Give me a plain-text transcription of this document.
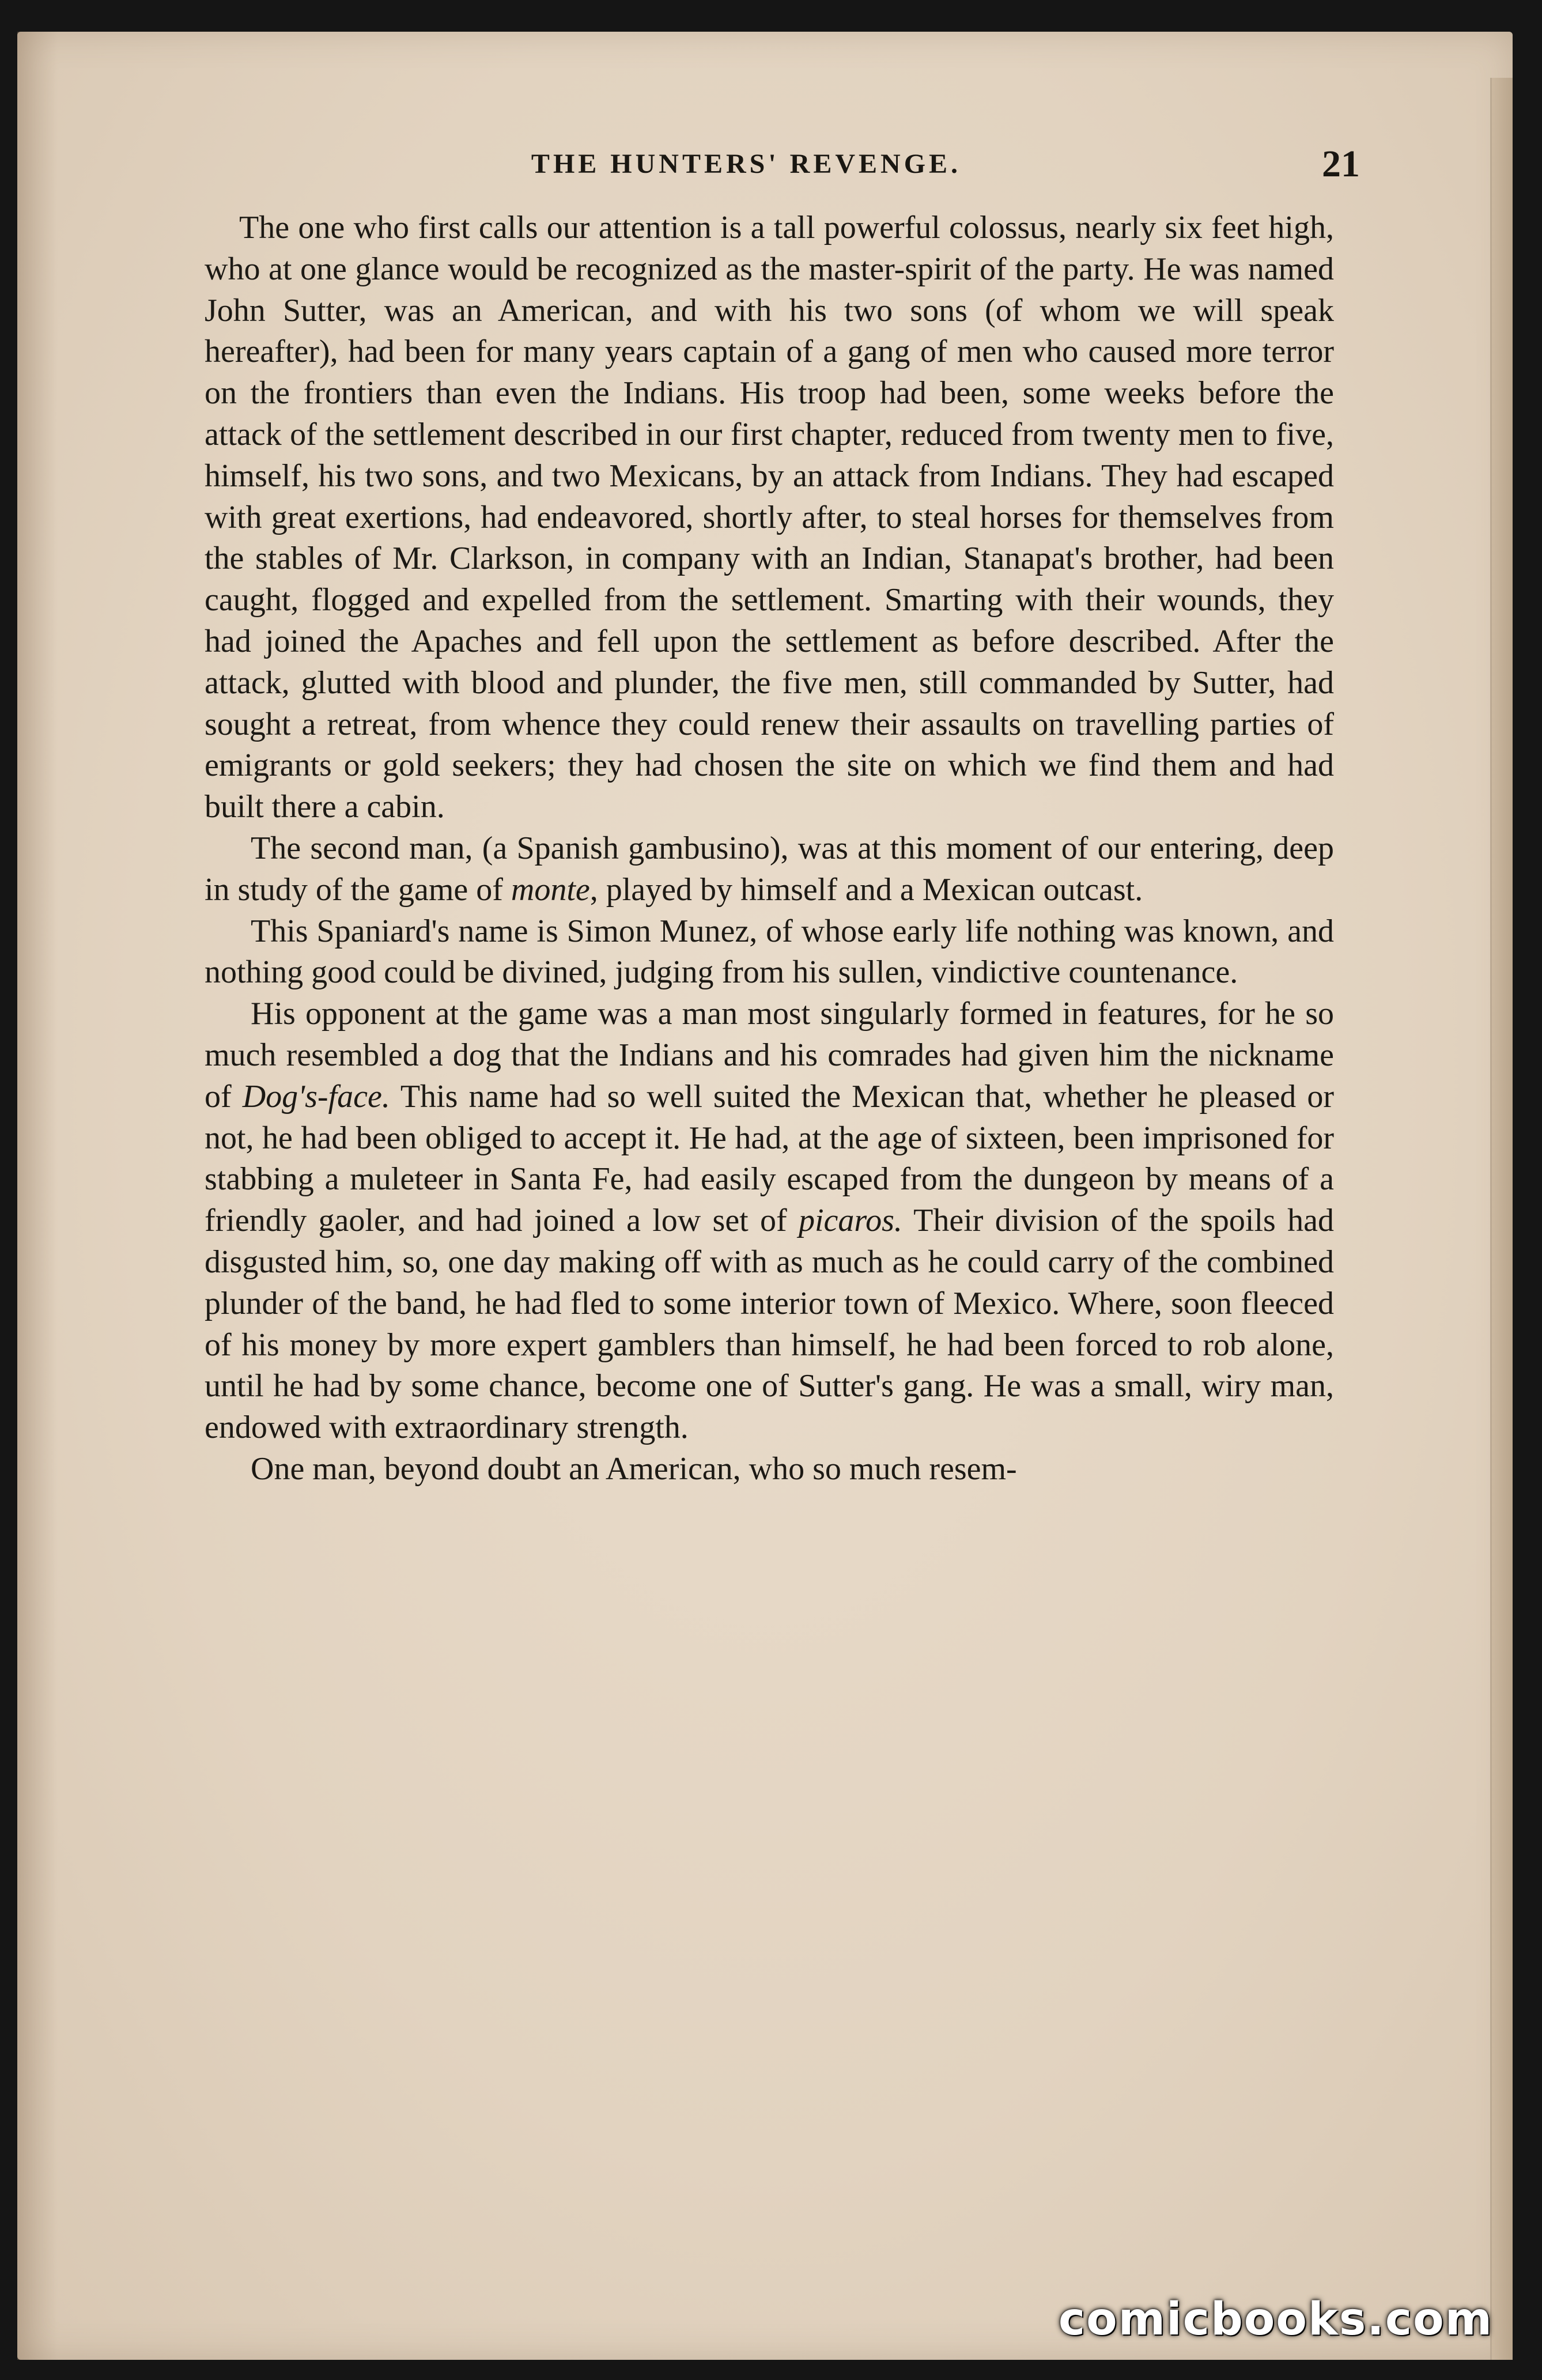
THE HUNTERS' REVENGE.	21

The one who first calls our attention is a tall powerful colossus, nearly six feet high, who at one glance would be recognized as the master-spirit of the party. He was named John Sutter, was an American, and with his two sons (of whom we will speak hereafter), had been for many years captain of a gang of men who caused more terror on the frontiers than even the Indians. His troop had been, some weeks before the attack of the settlement described in our first chapter, reduced from twenty men to five, himself, his two sons, and two Mexicans, by an attack from Indians. They had escaped with great exertions, had endeavored, shortly after, to steal horses for themselves from the stables of Mr. Clarkson, in company with an Indian, Stanapat's brother, had been caught, flogged and expelled from the settlement. Smarting with their wounds, they had joined the Apaches and fell upon the settlement as before described. After the attack, glutted with blood and plunder, the five men, still commanded by Sutter, had sought a retreat, from whence they could renew their assaults on travelling parties of emigrants or gold seekers; they had chosen the site on which we find them and had built there a cabin.

The second man, (a Spanish gambusino), was at this moment of our entering, deep in study of the game of monte, played by himself and a Mexican outcast.

This Spaniard's name is Simon Munez, of whose early life nothing was known, and nothing good could be divined, judging from his sullen, vindictive countenance.

His opponent at the game was a man most singularly formed in features, for he so much resembled a dog that the Indians and his comrades had given him the nickname of Dog's-face. This name had so well suited the Mexican that, whether he pleased or not, he had been obliged to accept it. He had, at the age of sixteen, been imprisoned for stabbing a muleteer in Santa Fe, had easily escaped from the dungeon by means of a friendly gaoler, and had joined a low set of picaros. Their division of the spoils had disgusted him, so, one day making off with as much as he could carry of the combined plunder of the band, he had fled to some interior town of Mexico. Where, soon fleeced of his money by more expert gamblers than himself, he had been forced to rob alone, until he had by some chance, become one of Sutter's gang. He was a small, wiry man, endowed with extraordinary strength.

One man, beyond doubt an American, who so much resem-

comicbooks.com
